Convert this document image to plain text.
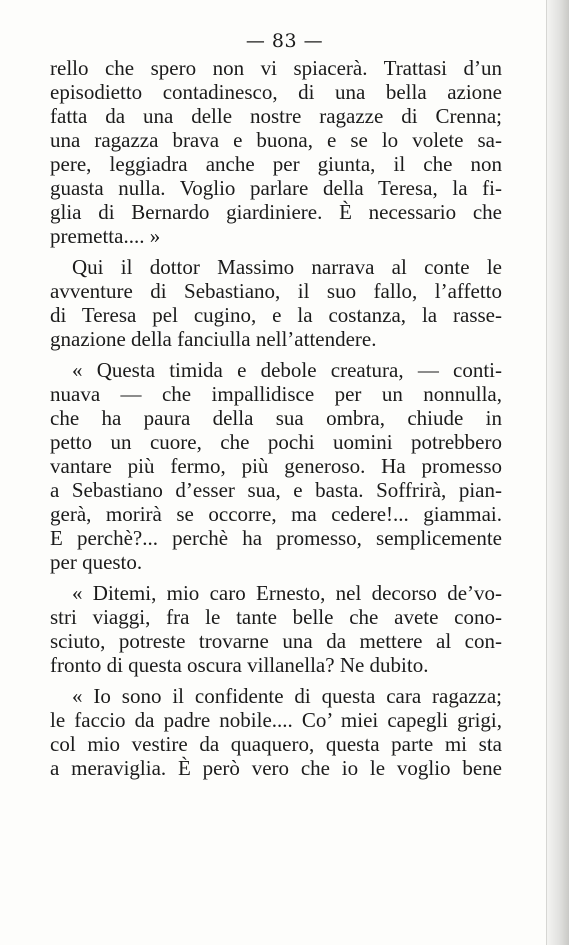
— 83 —
rello che spero non vi spiacerà. Trattasi d’un
episodietto contadinesco, di una bella azione
fatta da una delle nostre ragazze di Crenna;
una ragazza brava e buona, e se lo volete sa-
pere, leggiadra anche per giunta, il che non
guasta nulla. Voglio parlare della Teresa, la fi-
glia di Bernardo giardiniere. È necessario che
premetta.... »
Qui il dottor Massimo narrava al conte le
avventure di Sebastiano, il suo fallo, l’affetto
di Teresa pel cugino, e la costanza, la rasse-
gnazione della fanciulla nell’attendere.
« Questa timida e debole creatura, — conti-
nuava — che impallidisce per un nonnulla,
che ha paura della sua ombra, chiude in
petto un cuore, che pochi uomini potrebbero
vantare più fermo, più generoso. Ha promesso
a Sebastiano d’esser sua, e basta. Soffrirà, pian-
gerà, morirà se occorre, ma cedere!... giammai.
E perchè?... perchè ha promesso, semplicemente
per questo.
« Ditemi, mio caro Ernesto, nel decorso de’vo-
stri viaggi, fra le tante belle che avete cono-
sciuto, potreste trovarne una da mettere al con-
fronto di questa oscura villanella? Ne dubito.
« Io sono il confidente di questa cara ragazza;
le faccio da padre nobile.... Co’ miei capegli grigi,
col mio vestire da quaquero, questa parte mi sta
a meraviglia. È però vero che io le voglio bene
